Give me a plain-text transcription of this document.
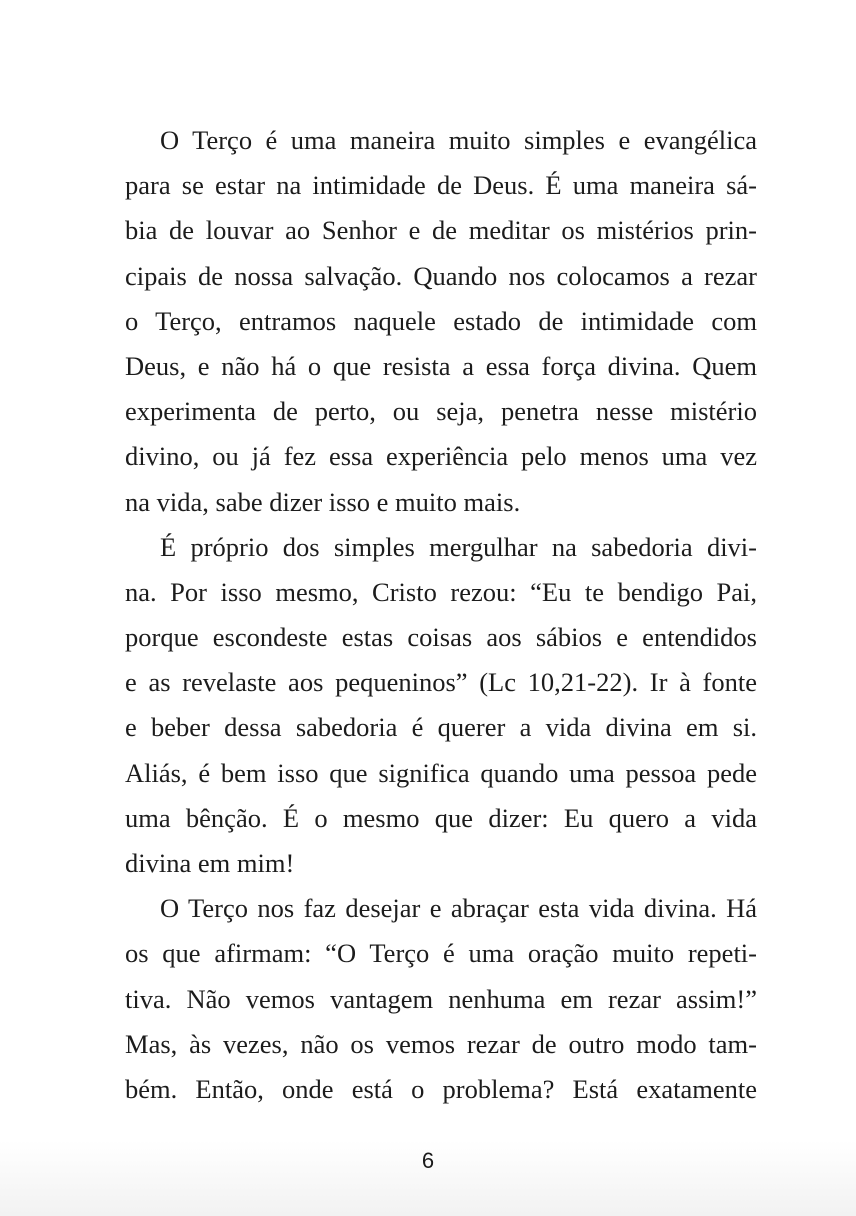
O Terço é uma maneira muito simples e evangélica
para se estar na intimidade de Deus. É uma maneira sá-
bia de louvar ao Senhor e de meditar os mistérios prin-
cipais de nossa salvação. Quando nos colocamos a rezar
o Terço, entramos naquele estado de intimidade com
Deus, e não há o que resista a essa força divina. Quem
experimenta de perto, ou seja, penetra nesse mistério
divino, ou já fez essa experiência pelo menos uma vez
na vida, sabe dizer isso e muito mais.
É próprio dos simples mergulhar na sabedoria divi-
na. Por isso mesmo, Cristo rezou: “Eu te bendigo Pai,
porque escondeste estas coisas aos sábios e entendidos
e as revelaste aos pequeninos” (Lc 10,21-22). Ir à fonte
e beber dessa sabedoria é querer a vida divina em si.
Aliás, é bem isso que significa quando uma pessoa pede
uma bênção. É o mesmo que dizer: Eu quero a vida
divina em mim!
O Terço nos faz desejar e abraçar esta vida divina. Há
os que afirmam: “O Terço é uma oração muito repeti-
tiva. Não vemos vantagem nenhuma em rezar assim!”
Mas, às vezes, não os vemos rezar de outro modo tam-
bém. Então, onde está o problema? Está exatamente
6
